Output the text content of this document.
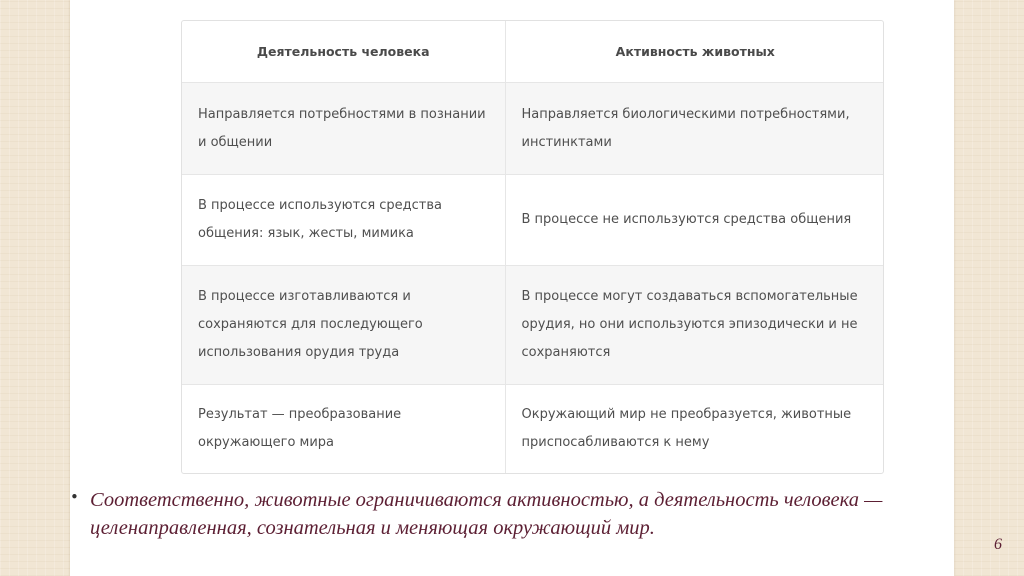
Деятельность человека	Активность животных
Направляется потребностями в познании и общении	Направляется биологическими потребностями, инстинктами
В процессе используются средства общения: язык, жесты, мимика	В процессе не используются средства общения
В процессе изготавливаются и сохраняются для последующего использования орудия труда	В процессе могут создаваться вспомогательные орудия, но они используются эпизодически и не сохраняются
Результат — преобразование окружающего мира	Окружающий мир не преобразуется, животные приспосабливаются к нему
• Соответственно, животные ограничиваются активностью, а деятельность человека — целенаправленная, сознательная и меняющая окружающий мир.

6
